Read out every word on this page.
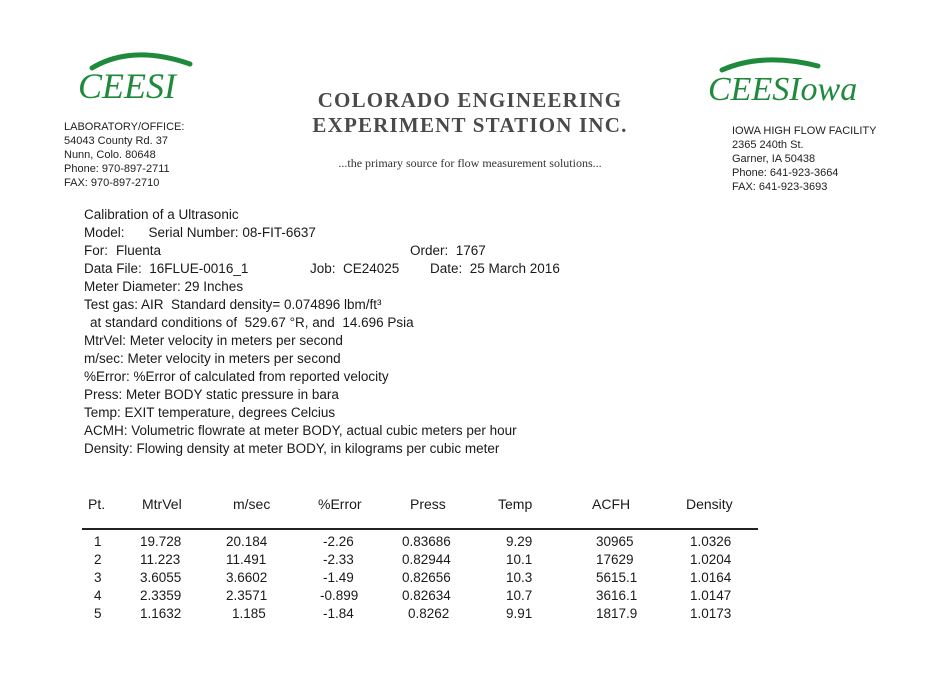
CEESI	CEESIowa
LABORATORY/OFFICE:
54043 County Rd. 37
Nunn, Colo. 80648
Phone: 970-897-2711
FAX: 970-897-2710
IOWA HIGH FLOW FACILITY
2365 240th St.
Garner, IA 50438
Phone: 641-923-3664
FAX: 641-923-3693
COLORADO ENGINEERING
EXPERIMENT STATION INC.
...the primary source for flow measurement solutions...
Calibration of a Ultrasonic
Model: Serial Number: 08-FIT-6637
For: Fluenta	Order:  1767
Data File:  16FLUE-0016_1	Job:  CE24025 Date:  25 March 2016
Meter Diameter: 29 Inches
Test gas: AIR  Standard density= 0.074896 lbm/ft³
at standard conditions of  529.67 °R, and  14.696 Psia
MtrVel: Meter velocity in meters per second
m/sec: Meter velocity in meters per second
%Error: %Error of calculated from reported velocity
Press: Meter BODY static pressure in bara
Temp: EXIT temperature, degrees Celcius
ACMH: Volumetric flowrate at meter BODY, actual cubic meters per hour
Density: Flowing density at meter BODY, in kilograms per cubic meter
Pt.	MtrVel	m/sec	%Error	Press	Temp	ACFH	Density
1	19.728	20.184	-2.26	0.83686	9.29	30965	1.0326
2	11.223	11.491	-2.33	0.82944	10.1	17629	1.0204
3	3.6055	3.6602	-1.49	0.82656	10.3	5615.1	1.0164
4	2.3359	2.3571	-0.899	0.82634	10.7	3616.1	1.0147
5	1.1632	1.185	-1.84	0.8262	9.91	1817.9	1.0173
